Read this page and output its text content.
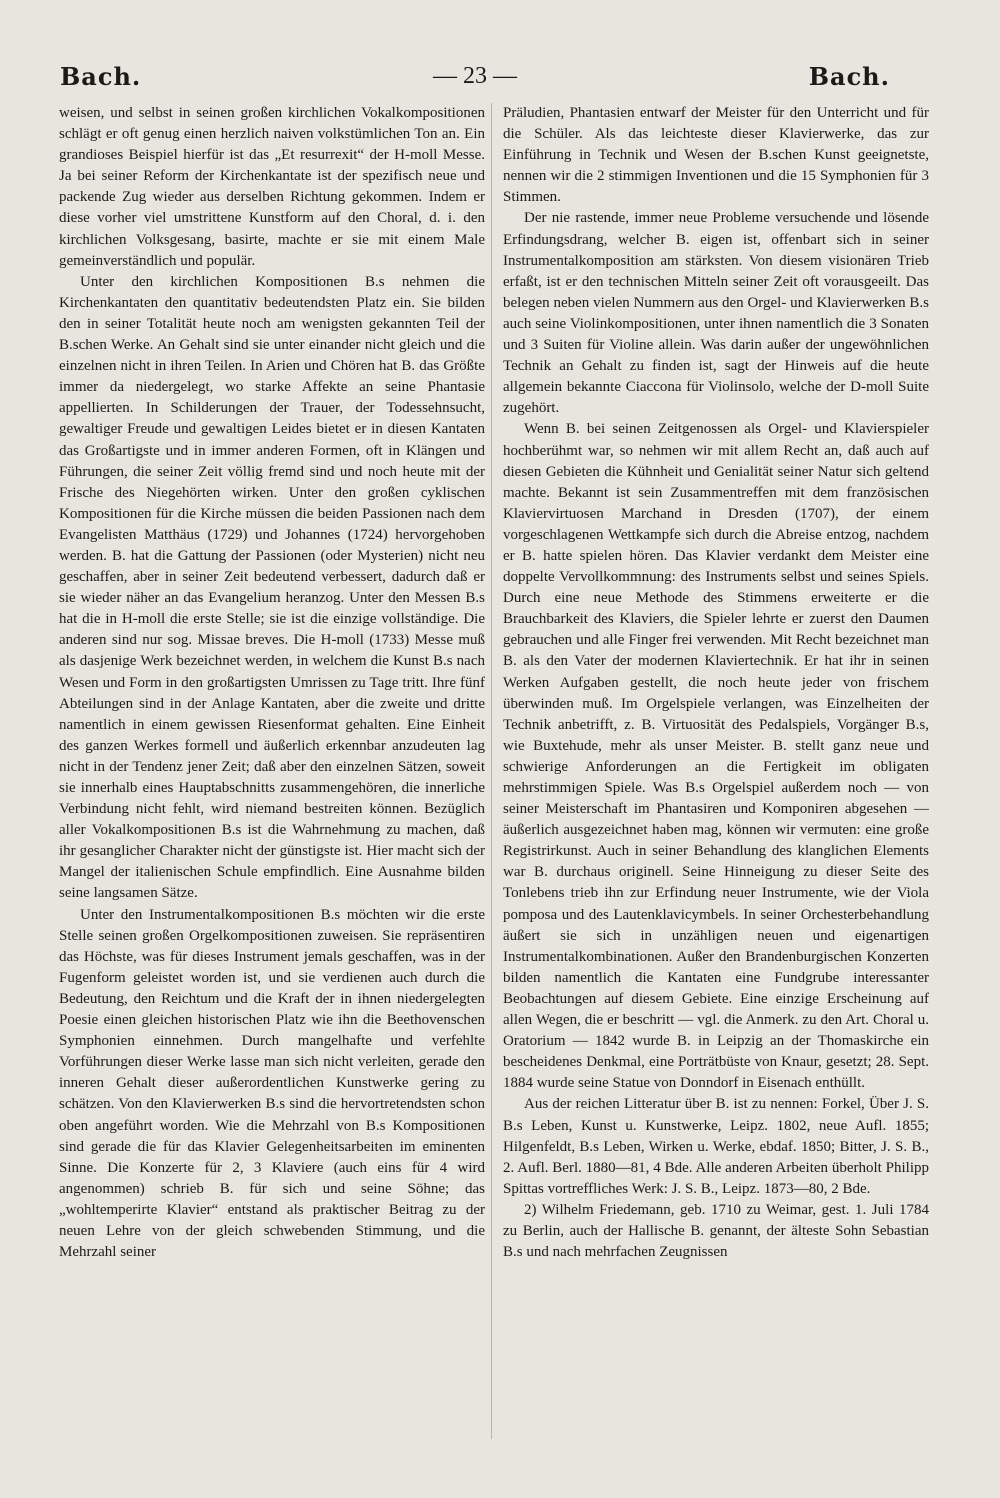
Bach.	— 23 —	Bach.

weisen, und selbst in seinen großen kirchlichen Vokalkompositionen schlägt er oft genug einen herzlich naiven volkstümlichen Ton an. Ein grandioses Beispiel hierfür ist das „Et resurrexit“ der H-moll Messe. Ja bei seiner Reform der Kirchenkantate ist der spezifisch neue und packende Zug wieder aus derselben Richtung gekommen. Indem er diese vorher viel umstrittene Kunstform auf den Choral, d. i. den kirchlichen Volksgesang, basirte, machte er sie mit einem Male gemeinverständlich und populär.

Unter den kirchlichen Kompositionen B.s nehmen die Kirchenkantaten den quantitativ bedeutendsten Platz ein. Sie bilden den in seiner Totalität heute noch am wenigsten gekannten Teil der B.schen Werke. An Gehalt sind sie unter einander nicht gleich und die einzelnen nicht in ihren Teilen. In Arien und Chören hat B. das Größte immer da niedergelegt, wo starke Affekte an seine Phantasie appellierten. In Schilderungen der Trauer, der Todessehnsucht, gewaltiger Freude und gewaltigen Leides bietet er in diesen Kantaten das Großartigste und in immer anderen Formen, oft in Klängen und Führungen, die seiner Zeit völlig fremd sind und noch heute mit der Frische des Niegehörten wirken. Unter den großen cyklischen Kompositionen für die Kirche müssen die beiden Passionen nach dem Evangelisten Matthäus (1729) und Johannes (1724) hervorgehoben werden. B. hat die Gattung der Passionen (oder Mysterien) nicht neu geschaffen, aber in seiner Zeit bedeutend verbessert, dadurch daß er sie wieder näher an das Evangelium heranzog. Unter den Messen B.s hat die in H-moll die erste Stelle; sie ist die einzige vollständige. Die anderen sind nur sog. Missae breves. Die H-moll (1733) Messe muß als dasjenige Werk bezeichnet werden, in welchem die Kunst B.s nach Wesen und Form in den großartigsten Umrissen zu Tage tritt. Ihre fünf Abteilungen sind in der Anlage Kantaten, aber die zweite und dritte namentlich in einem gewissen Riesenformat gehalten. Eine Einheit des ganzen Werkes formell und äußerlich erkennbar anzudeuten lag nicht in der Tendenz jener Zeit; daß aber den einzelnen Sätzen, soweit sie innerhalb eines Hauptabschnitts zusammengehören, die innerliche Verbindung nicht fehlt, wird niemand bestreiten können. Bezüglich aller Vokalkompositionen B.s ist die Wahrnehmung zu machen, daß ihr gesanglicher Charakter nicht der günstigste ist. Hier macht sich der Mangel der italienischen Schule empfindlich. Eine Ausnahme bilden seine langsamen Sätze.

Unter den Instrumentalkompositionen B.s möchten wir die erste Stelle seinen großen Orgelkompositionen zuweisen. Sie repräsentiren das Höchste, was für dieses Instrument jemals geschaffen, was in der Fugenform geleistet worden ist, und sie verdienen auch durch die Bedeutung, den Reichtum und die Kraft der in ihnen niedergelegten Poesie einen gleichen historischen Platz wie ihn die Beethovenschen Symphonien einnehmen. Durch mangelhafte und verfehlte Vorführungen dieser Werke lasse man sich nicht verleiten, gerade den inneren Gehalt dieser außerordentlichen Kunstwerke gering zu schätzen. Von den Klavierwerken B.s sind die hervortretendsten schon oben angeführt worden. Wie die Mehrzahl von B.s Kompositionen sind gerade die für das Klavier Gelegenheitsarbeiten im eminenten Sinne. Die Konzerte für 2, 3 Klaviere (auch eins für 4 wird angenommen) schrieb B. für sich und seine Söhne; das „wohltemperirte Klavier“ entstand als praktischer Beitrag zu der neuen Lehre von der gleich schwebenden Stimmung, und die Mehrzahl seiner

Präludien, Phantasien entwarf der Meister für den Unterricht und für die Schüler. Als das leichteste dieser Klavierwerke, das zur Einführung in Technik und Wesen der B.schen Kunst geeignetste, nennen wir die 2 stimmigen Inventionen und die 15 Symphonien für 3 Stimmen.

Der nie rastende, immer neue Probleme versuchende und lösende Erfindungsdrang, welcher B. eigen ist, offenbart sich in seiner Instrumentalkomposition am stärksten. Von diesem visionären Trieb erfaßt, ist er den technischen Mitteln seiner Zeit oft vorausgeeilt. Das belegen neben vielen Nummern aus den Orgel- und Klavierwerken B.s auch seine Violinkompositionen, unter ihnen namentlich die 3 Sonaten und 3 Suiten für Violine allein. Was darin außer der ungewöhnlichen Technik an Gehalt zu finden ist, sagt der Hinweis auf die heute allgemein bekannte Ciaccona für Violinsolo, welche der D-moll Suite zugehört.

Wenn B. bei seinen Zeitgenossen als Orgel- und Klavierspieler hochberühmt war, so nehmen wir mit allem Recht an, daß auch auf diesen Gebieten die Kühnheit und Genialität seiner Natur sich geltend machte. Bekannt ist sein Zusammentreffen mit dem französischen Klaviervirtuosen Marchand in Dresden (1707), der einem vorgeschlagenen Wettkampfe sich durch die Abreise entzog, nachdem er B. hatte spielen hören. Das Klavier verdankt dem Meister eine doppelte Vervollkommnung: des Instruments selbst und seines Spiels. Durch eine neue Methode des Stimmens erweiterte er die Brauchbarkeit des Klaviers, die Spieler lehrte er zuerst den Daumen gebrauchen und alle Finger frei verwenden. Mit Recht bezeichnet man B. als den Vater der modernen Klaviertechnik. Er hat ihr in seinen Werken Aufgaben gestellt, die noch heute jeder von frischem überwinden muß. Im Orgelspiele verlangen, was Einzelheiten der Technik anbetrifft, z. B. Virtuosität des Pedalspiels, Vorgänger B.s, wie Buxtehude, mehr als unser Meister. B. stellt ganz neue und schwierige Anforderungen an die Fertigkeit im obligaten mehrstimmigen Spiele. Was B.s Orgelspiel außerdem noch — von seiner Meisterschaft im Phantasiren und Komponiren abgesehen — äußerlich ausgezeichnet haben mag, können wir vermuten: eine große Registrirkunst. Auch in seiner Behandlung des klanglichen Elements war B. durchaus originell. Seine Hinneigung zu dieser Seite des Tonlebens trieb ihn zur Erfindung neuer Instrumente, wie der Viola pomposa und des Lautenklavicymbels. In seiner Orchesterbehandlung äußert sie sich in unzähligen neuen und eigenartigen Instrumentalkombinationen. Außer den Brandenburgischen Konzerten bilden namentlich die Kantaten eine Fundgrube interessanter Beobachtungen auf diesem Gebiete. Eine einzige Erscheinung auf allen Wegen, die er beschritt — vgl. die Anmerk. zu den Art. Choral u. Oratorium — 1842 wurde B. in Leipzig an der Thomaskirche ein bescheidenes Denkmal, eine Porträtbüste von Knaur, gesetzt; 28. Sept. 1884 wurde seine Statue von Donndorf in Eisenach enthüllt.

Aus der reichen Litteratur über B. ist zu nennen: Forkel, Über J. S. B.s Leben, Kunst u. Kunstwerke, Leipz. 1802, neue Aufl. 1855; Hilgenfeldt, B.s Leben, Wirken u. Werke, ebdaf. 1850; Bitter, J. S. B., 2. Aufl. Berl. 1880—81, 4 Bde. Alle anderen Arbeiten überholt Philipp Spittas vortreffliches Werk: J. S. B., Leipz. 1873—80, 2 Bde.

2) Wilhelm Friedemann, geb. 1710 zu Weimar, gest. 1. Juli 1784 zu Berlin, auch der Hallische B. genannt, der älteste Sohn Sebastian B.s und nach mehrfachen Zeugnissen
